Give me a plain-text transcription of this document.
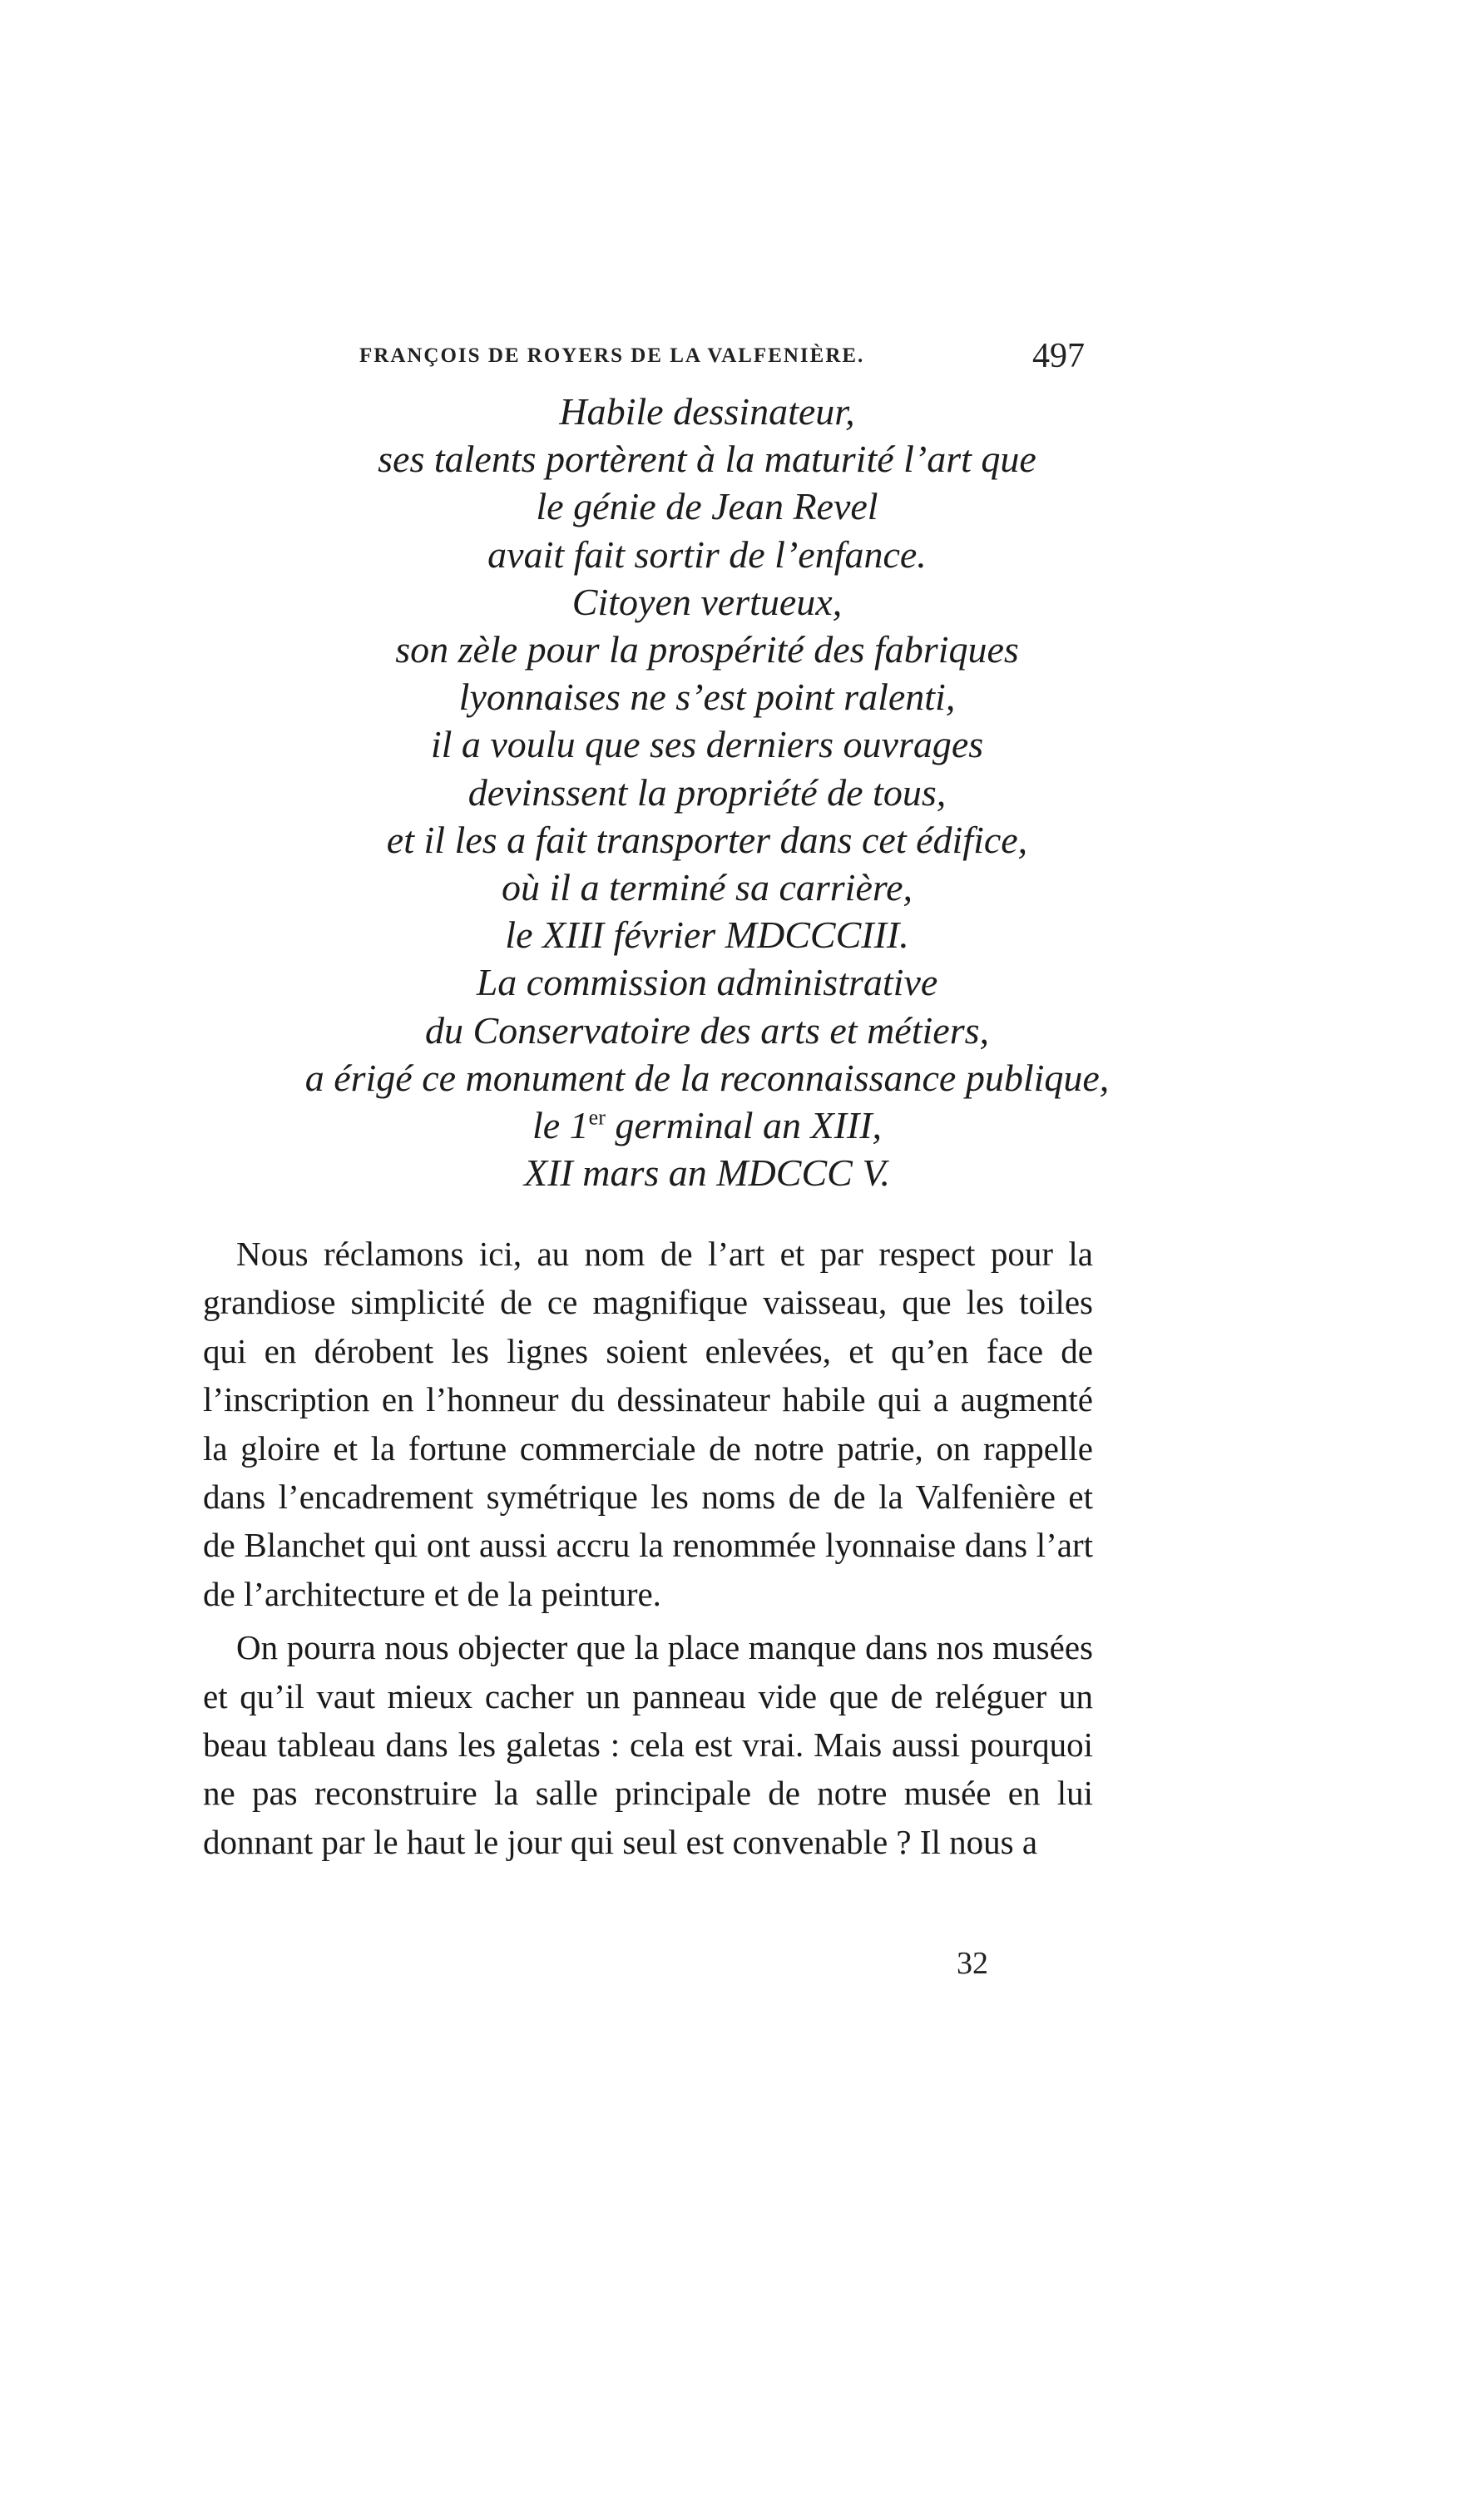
FRANÇOIS DE ROYERS DE LA VALFENIÈRE.	497
Habile dessinateur,
ses talents portèrent à la maturité l’art que
le génie de Jean Revel
avait fait sortir de l’enfance.
Citoyen vertueux,
son zèle pour la prospérité des fabriques
lyonnaises ne s’est point ralenti,
il a voulu que ses derniers ouvrages
devinssent la propriété de tous,
et il les a fait transporter dans cet édifice,
où il a terminé sa carrière,
le XIII février MDCCCIII.
La commission administrative
du Conservatoire des arts et métiers,
a érigé ce monument de la reconnaissance publique,
le 1er germinal an XIII,
XII mars an MDCCC V.

Nous réclamons ici, au nom de l’art et par respect pour la grandiose simplicité de ce magnifique vaisseau, que les toiles qui en dérobent les lignes soient enlevées, et qu’en face de l’inscription en l’honneur du dessinateur habile qui a augmenté la gloire et la fortune commerciale de notre patrie, on rappelle dans l’encadrement symétrique les noms de de la Valfenière et de Blanchet qui ont aussi accru la renommée lyonnaise dans l’art de l’architecture et de la peinture.

On pourra nous objecter que la place manque dans nos musées et qu’il vaut mieux cacher un panneau vide que de reléguer un beau tableau dans les galetas : cela est vrai. Mais aussi pourquoi ne pas reconstruire la salle principale de notre musée en lui donnant par le haut le jour qui seul est convenable ? Il nous a

32
